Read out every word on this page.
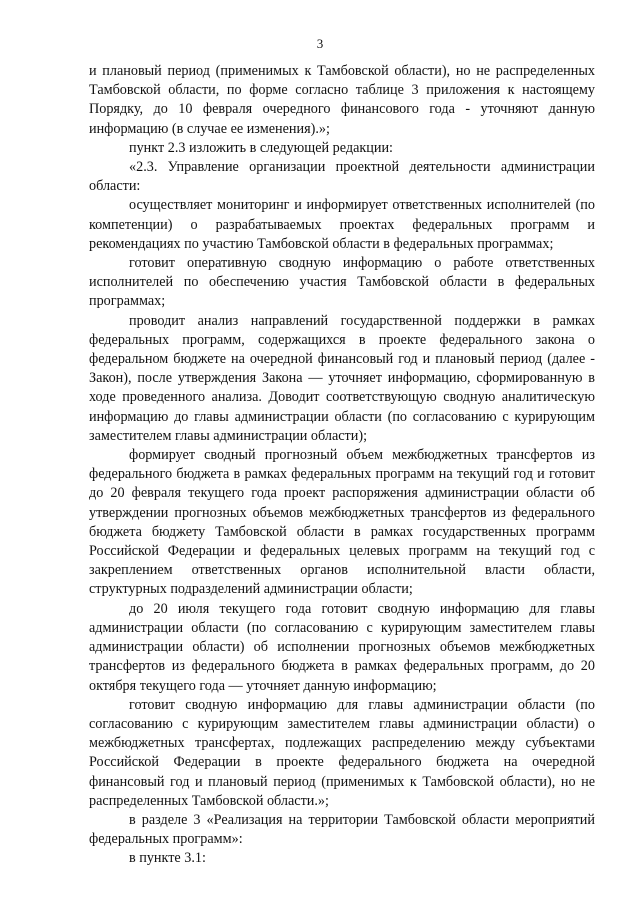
3

и плановый период (применимых к Тамбовской области), но не распределенных Тамбовской области, по форме согласно таблице 3 приложения к настоящему Порядку, до 10 февраля очередного финансового года - уточняют данную информацию (в случае ее изменения).»;

пункт 2.3 изложить в следующей редакции:

«2.3. Управление организации проектной деятельности администрации области:

осуществляет мониторинг и информирует ответственных исполнителей (по компетенции) о разрабатываемых проектах федеральных программ и рекомендациях по участию Тамбовской области в федеральных программах;

готовит оперативную сводную информацию о работе ответственных исполнителей по обеспечению участия Тамбовской области в федеральных программах;

проводит анализ направлений государственной поддержки в рамках федеральных программ, содержащихся в проекте федерального закона о федеральном бюджете на очередной финансовый год и плановый период (далее - Закон), после утверждения Закона — уточняет информацию, сформированную в ходе проведенного анализа. Доводит соответствующую сводную аналитическую информацию до главы администрации области (по согласованию с курирующим заместителем главы администрации области);

формирует сводный прогнозный объем межбюджетных трансфертов из федерального бюджета в рамках федеральных программ на текущий год и готовит до 20 февраля текущего года проект распоряжения администрации области об утверждении прогнозных объемов межбюджетных трансфертов из федерального бюджета бюджету Тамбовской области в рамках государственных программ Российской Федерации и федеральных целевых программ на текущий год с закреплением ответственных органов исполнительной власти области, структурных подразделений администрации области;

до 20 июля текущего года готовит сводную информацию для главы администрации области (по согласованию с курирующим заместителем главы администрации области) об исполнении прогнозных объемов межбюджетных трансфертов из федерального бюджета в рамках федеральных программ, до 20 октября текущего года — уточняет данную информацию;

готовит сводную информацию для главы администрации области (по согласованию с курирующим заместителем главы администрации области) о межбюджетных трансфертах, подлежащих распределению между субъектами Российской Федерации в проекте федерального бюджета на очередной финансовый год и плановый период (применимых к Тамбовской области), но не распределенных Тамбовской области.»;

в разделе 3 «Реализация на территории Тамбовской области мероприятий федеральных программ»:

в пункте 3.1:
